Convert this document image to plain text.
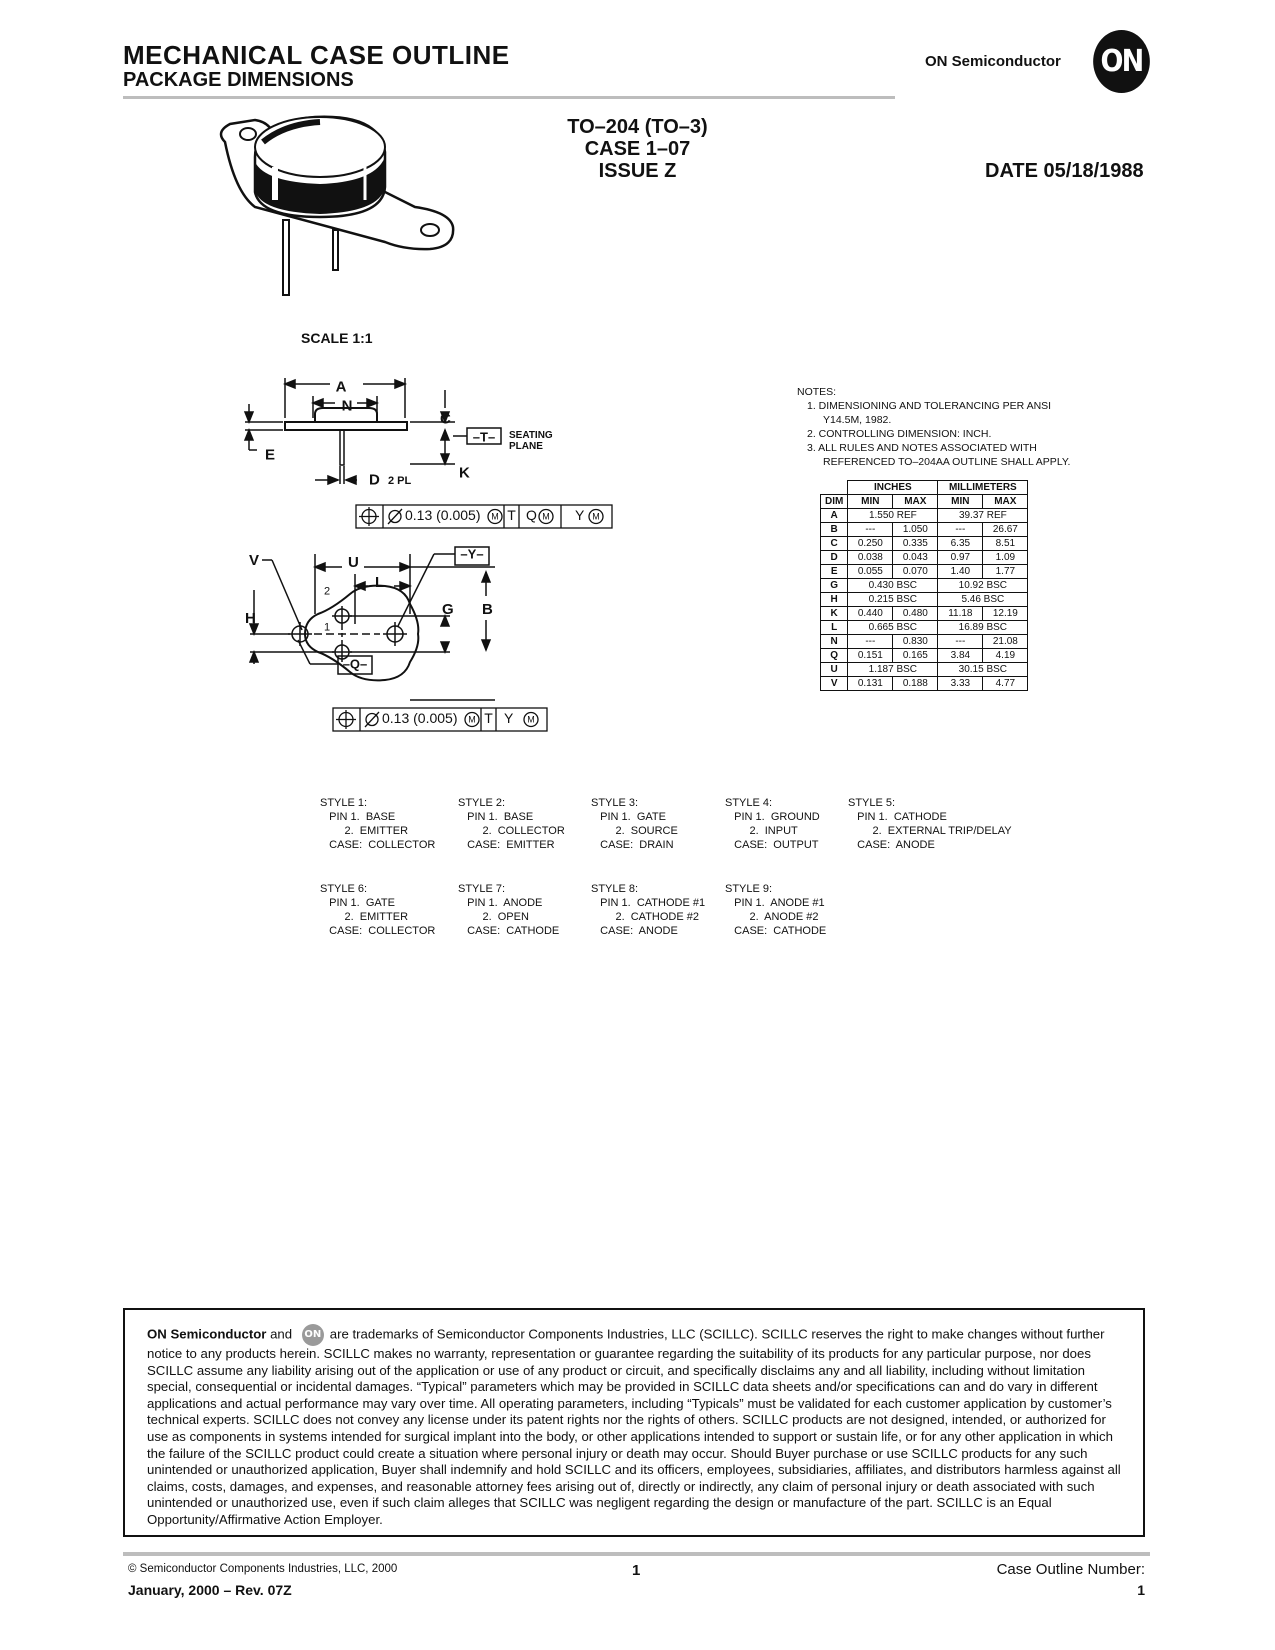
MECHANICAL CASE OUTLINE
PACKAGE DIMENSIONS
ON Semiconductor ON
TO–204 (TO–3)
CASE 1–07
ISSUE Z	DATE 05/18/1988
SCALE 1:1
A
N
C
E
K
–T–
D 2 PL
SEATING
PLANE
0.13 (0.005) T Q	Y
M	M	M
U
L
V	–Y–
H
G B
–Q–
2
1
0.13 (0.005) T Y
M	M
NOTES:
1. DIMENSIONING AND TOLERANCING PER ANSI
Y14.5M, 1982.
2. CONTROLLING DIMENSION: INCH.
3. ALL RULES AND NOTES ASSOCIATED WITH
REFERENCED TO–204AA OUTLINE SHALL APPLY.
	INCHES		MILLIMETERS	
DIM	MIN	MAX	MIN	MAX
A	1.550 REF		39.37 REF	
B	---	1.050	---	26.67
C	0.250	0.335	6.35	8.51
D	0.038	0.043	0.97	1.09
E	0.055	0.070	1.40	1.77
G	0.430 BSC		10.92 BSC	
H	0.215 BSC		5.46 BSC	
K	0.440	0.480	11.18	12.19
L	0.665 BSC		16.89 BSC	
N	---	0.830	---	21.08
Q	0.151	0.165	3.84	4.19
U	1.187 BSC		30.15 BSC	
V	0.131	0.188	3.33	4.77
STYLE 1:
PIN 1.  BASE
2.  EMITTER
CASE:  COLLECTOR
STYLE 2:
PIN 1.  BASE
2.  COLLECTOR
CASE:  EMITTER
STYLE 3:
PIN 1.  GATE
2.  SOURCE
CASE:  DRAIN
STYLE 4:
PIN 1.  GROUND
2.  INPUT
CASE:  OUTPUT
STYLE 5:
PIN 1.  CATHODE
2.  EXTERNAL TRIP/DELAY
CASE:  ANODE
STYLE 6:
PIN 1.  GATE
2.  EMITTER
CASE:  COLLECTOR
STYLE 7:
PIN 1.  ANODE
2.  OPEN
CASE:  CATHODE
STYLE 8:
PIN 1.  CATHODE #1
2.  CATHODE #2
CASE:  ANODE
STYLE 9:
PIN 1.  ANODE #1
2.  ANODE #2
CASE:  CATHODE
ON Semiconductor and ON are trademarks of Semiconductor Components Industries, LLC (SCILLC). SCILLC reserves the right to make changes without further notice to any products herein. SCILLC makes no warranty, representation or guarantee regarding the suitability of its products for any particular purpose, nor does SCILLC assume any liability arising out of the application or use of any product or circuit, and specifically disclaims any and all liability, including without limitation special, consequential or incidental damages. “Typical” parameters which may be provided in SCILLC data sheets and/or specifications can and do vary in different applications and actual performance may vary over time. All operating parameters, including “Typicals” must be validated for each customer application by customer’s technical experts. SCILLC does not convey any license under its patent rights nor the rights of others. SCILLC products are not designed, intended, or authorized for use as components in systems intended for surgical implant into the body, or other applications intended to support or sustain life, or for any other application in which the failure of the SCILLC product could create a situation where personal injury or death may occur. Should Buyer purchase or use SCILLC products for any such unintended or unauthorized application, Buyer shall indemnify and hold SCILLC and its officers, employees, subsidiaries, affiliates, and distributors harmless against all claims, costs, damages, and expenses, and reasonable attorney fees arising out of, directly or indirectly, any claim of personal injury or death associated with such unintended or unauthorized use, even if such claim alleges that SCILLC was negligent regarding the design or manufacture of the part. SCILLC is an Equal Opportunity/Affirmative Action Employer.
© Semiconductor Components Industries, LLC, 2000
January, 2000 – Rev. 07Z
1	Case Outline Number:
1
